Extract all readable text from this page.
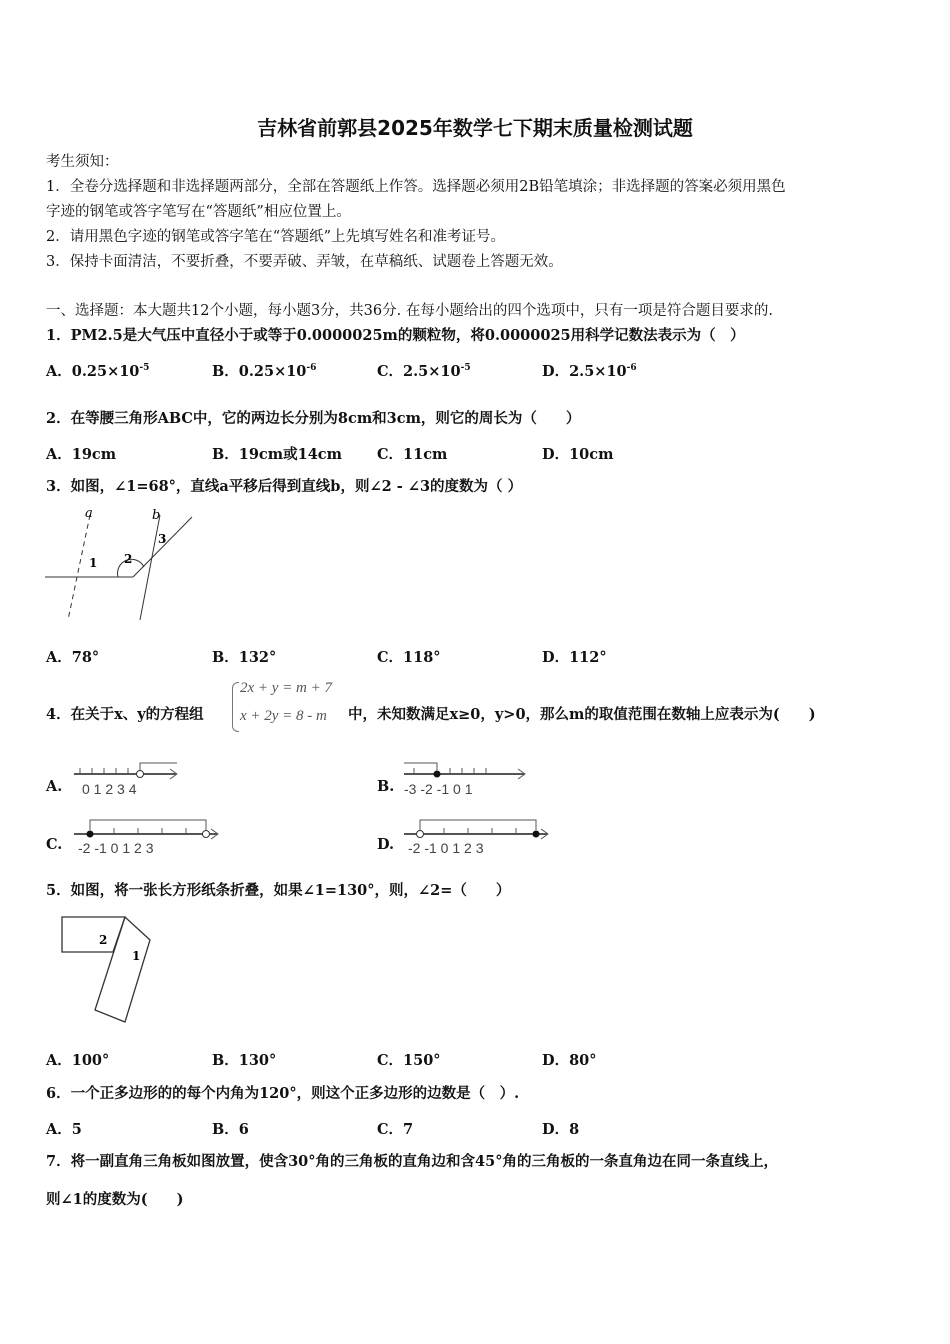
吉林省前郭县2025年数学七下期末质量检测试题
考生须知：
1．全卷分选择题和非选择题两部分，全部在答题纸上作答。选择题必须用2B铅笔填涂；非选择题的答案必须用黑色
字迹的钢笔或答字笔写在“答题纸”相应位置上。
2．请用黑色字迹的钢笔或答字笔在“答题纸”上先填写姓名和准考证号。
3．保持卡面清洁，不要折叠，不要弄破、弄皱，在草稿纸、试题卷上答题无效。
一、选择题：本大题共12个小题，每小题3分，共36分. 在每小题给出的四个选项中，只有一项是符合题目要求的.
1．PM2.5是大气压中直径小于或等于0.0000025m的颗粒物，将0.0000025用科学记数法表示为（　）
A．$0.25\times 10^{-5}$	B．$0.25\times 10^{-6}$	C．$2.5\times 10^{-5}$	D．$2.5\times 10^{-6}$
2．在等腰三角形ABC中，它的两边长分别为8cm和3cm，则它的周长为（　　）
A．19cm	B．19cm或14cm C．11cm	D．10cm
3．如图，∠1=68°，直线a平移后得到直线b，则∠2 - ∠3的度数为（ ）
a	b
1 2
3
A．78°	B．132°	C．118°	D．112°
4．在关于x、y的方程组
2x + y = m + 7
x + 2y = 8 - m 中，未知数满足x≥0，y>0，那么m的取值范围在数轴上应表示为(　　)
A. 0 1 2 3 4	B. -3 -2 -1 0 1
C. -2 -1 0 1 2 3	D. -2 -1 0 1 2 3
5．如图，将一张长方形纸条折叠，如果∠1=130°，则，∠2=（　　）
2
1
A．100°	B．130°	C．150°	D．80°
6．一个正多边形的的每个内角为120°，则这个正多边形的边数是（　）.
A．5	B．6	C．7	D．8
7．将一副直角三角板如图放置，使含30°角的三角板的直角边和含45°角的三角板的一条直角边在同一条直线上，
则∠1的度数为(　　)
